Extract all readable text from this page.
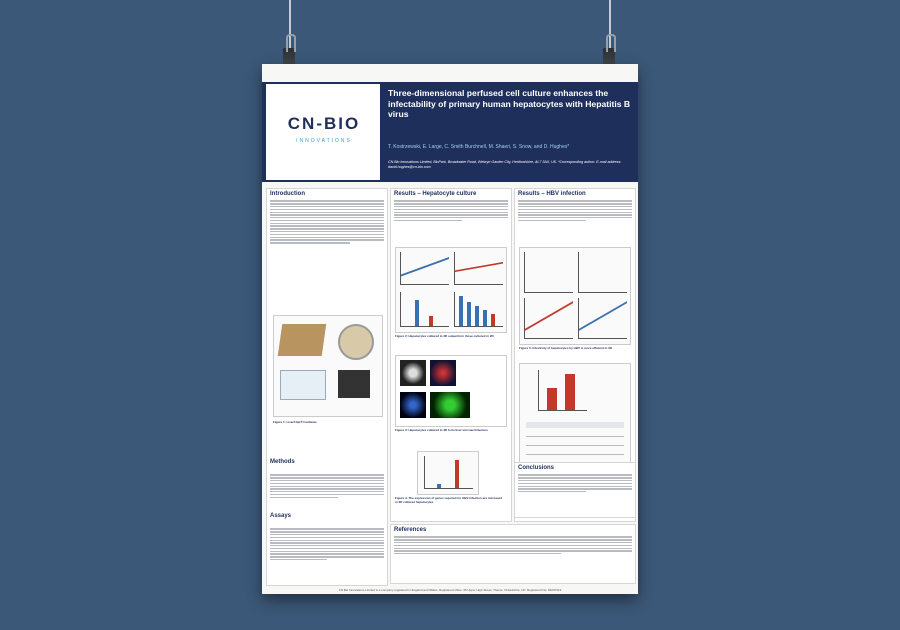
CN-BIO
INNOVATIONS
Three-dimensional perfused cell culture enhances the infectability of primary human hepatocytes with Hepatitis B virus
T. Kostrzewski, E. Large, C. Smith Burchnell, M. Shaeri, S. Snow, and D. Hughes*
CN Bio Innovations Limited, BioPark, Broadwater Road, Welwyn Garden City, Hertfordshire, AL7 3AX, UK. *Corresponding author: E-mail address: david.hughes@cn-bio.com
Introduction
Figure 1: LiverChip® hardware
Methods
Assays
Results – Hepatocyte culture
Figure 2: Hepatocytes cultured in 3D outperform those cultured in 2D
Figure 3: Hepatocytes cultured in 3D form liver microarchitecture
Figure 4: The expression of genes required for HBV infection are increased in 3D cultured hepatocytes
Results – HBV infection
Figure 5: Infectivity of hepatocytes by HBV is more efficient in 3D
Conclusions
References
CN Bio Innovations Limited is a company registered in England and Wales. Registered office: 35 Upper High Street, Thame, Oxfordshire, UK. Registered No. 06297319
